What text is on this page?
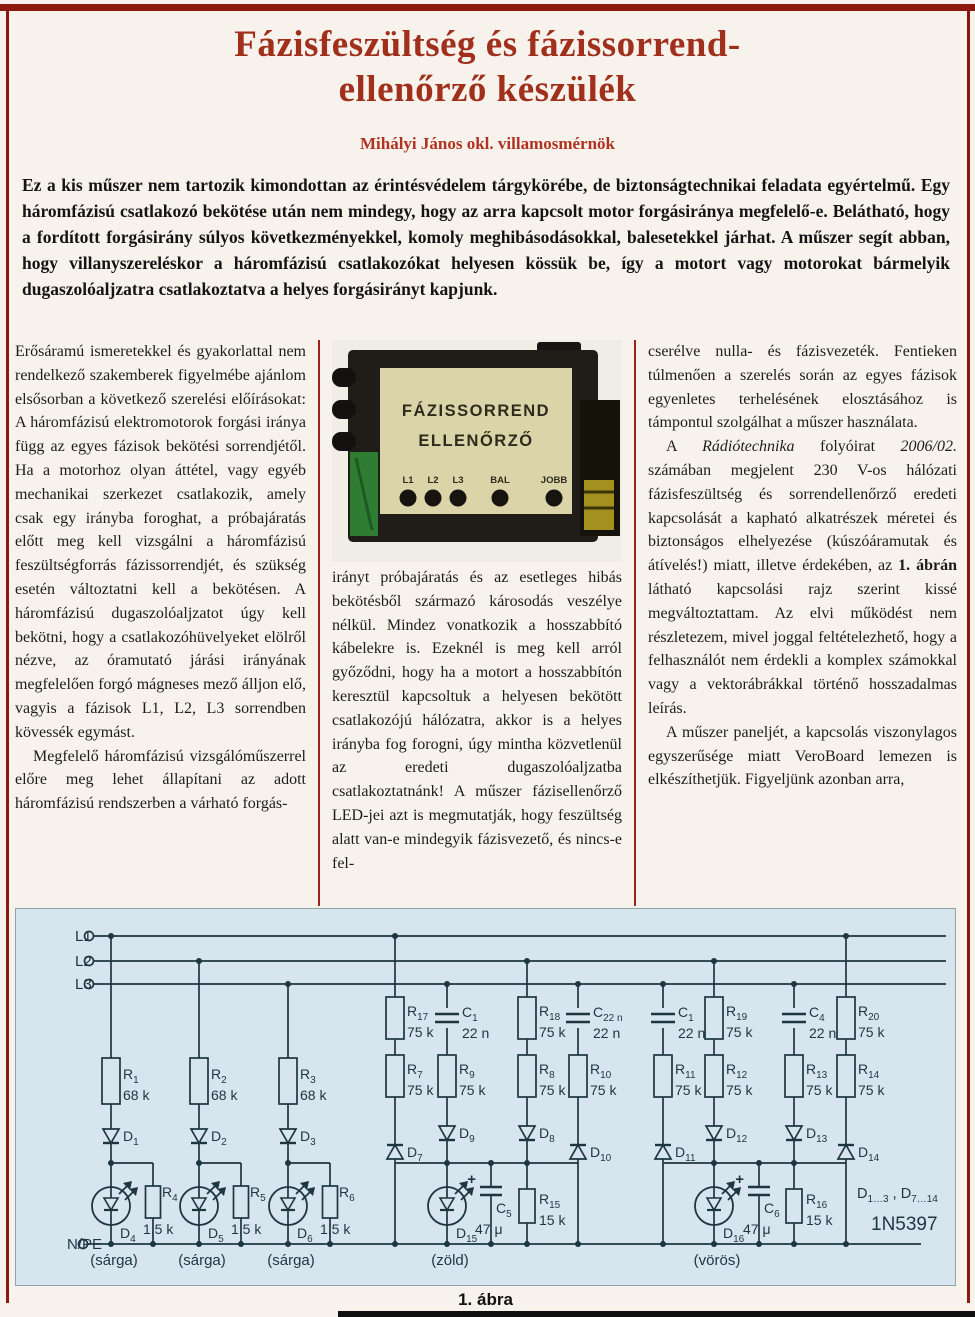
Fázisfeszültség és fázissorrend-
ellenőrző készülék
Mihályi János okl. villamosmérnök
Ez a kis műszer nem tartozik kimondottan az érintésvédelem tárgykörébe, de biztonságtechnikai feladata egyértelmű. Egy háromfázisú csatlakozó bekötése után nem mindegy, hogy az arra kapcsolt motor forgásiránya megfelelő-e. Belátható, hogy a fordított forgásirány súlyos következményekkel, komoly meghibásodásokkal, balesetekkel járhat. A műszer segít abban, hogy villanyszereléskor a háromfázisú csatlakozókat helyesen kössük be, így a motort vagy motorokat bármelyik dugaszolóaljzatra csatlakoztatva a helyes forgásirányt kapjunk.

Erősáramú ismeretekkel és gyakorlattal nem rendelkező szakemberek figyelmébe ajánlom elsősorban a következő szerelési előírásokat: A háromfázisú elektromotorok forgási iránya függ az egyes fázisok bekötési sorrendjétől. Ha a motorhoz olyan áttétel, vagy egyéb mechanikai szerkezet csatlakozik, amely csak egy irányba foroghat, a próbajáratás előtt meg kell vizsgálni a háromfázisú feszültségforrás fázissorrendjét, és szükség esetén változtatni kell a bekötésen. A háromfázisú dugaszolóaljzatot úgy kell bekötni, hogy a csatlakozóhüvelyeket elölről nézve, az óramutató járási irányának megfelelően forgó mágneses mező álljon elő, vagyis a fázisok L1, L2, L3 sorrendben kövessék egymást.

Megfelelő háromfázisú vizsgálóműszerrel előre meg lehet állapítani az adott háromfázisú rendszerben a várható forgás-

FÁZISSORREND
ELLENŐRZŐ
L1 L2 L3	BAL	JOBB

irányt próbajáratás és az esetleges hibás bekötésből származó károsodás veszélye nélkül. Mindez vonatkozik a hosszabbító kábelekre is. Ezeknél is meg kell arról győződni, hogy ha a motort a hosszabbítón keresztül kapcsoltuk a helyesen bekötött csatlakozójú hálózatra, akkor is a helyes irányba fog forogni, úgy mintha közvetlenül az eredeti dugaszolóaljzatba csatlakoztatnánk! A műszer fázisellenőrző LED-jei azt is megmutatják, hogy feszültség alatt van-e mindegyik fázisvezető, és nincs-e fel-

cserélve nulla- és fázisvezeték. Fentieken túlmenően a szerelés során az egyes fázisok egyenletes terhelésének elosztásához is támpontul szolgálhat a műszer használata.

A Rádiótechnika folyóirat 2006/02. számában megjelent 230 V-os hálózati fázisfeszültség és sorrendellenőrző eredeti kapcsolását a kapható alkatrészek méretei és biztonságos elhelyezése (kúszóáramutak és átívelés!) miatt, illetve érdekében, az 1. ábrán látható kapcsolási rajz szerint kissé megváltoztattam. Az elvi működést nem részletezem, mivel joggal feltételezhető, hogy a felhasználót nem érdekli a komplex számokkal vagy a vektorábrákkal történő hosszadalmas leírás.

A műszer paneljét, a kapcsolás viszonylagos egyszerűsége miatt VeroBoard lemezen is elkészíthetjük. Figyeljünk azonban arra,

L1
L2
L3
N/PE
$R_1$
68 k
$R_2$
68 k
$R_3$
68 k
$R_{17}$
75 k
$R_{18}$
75 k
$R_{19}$
75 k
$R_{20}$
75 k
$R_7$
75 k
$R_9$
75 k
$R_8$
75 k
$R_{10}$
75 k
$R_{11}$
75 k
$R_{12}$
75 k
$R_{13}$
75 k
$R_{14}$
75 k
$R_{15}$
15 k
$R_{16}$
15 k
$R_4$
1,5 k
$R_5$
1,5 k
$R_6$
1,5 k
$C_1$
22 n
$C_{22 n}$
22 n
$C_1$
22 n
$C_4$
22 n
+
$C_5$
47 μ
+
$C_6$
47 μ
$D_1$	$D_2$	$D_3$
$D_9$	$D_8$
$D_7$	$D_{10}$
$D_{12}$	$D_{13}$
$D_{11}$	$D_{14}$
$D_4$
(sárga)
$D_5$
(sárga)
$D_6$
(sárga)
$D_{15}$
(zöld)
$D_{16}$
(vörös)
$D_{1\dots 3}$ , $D_{7\dots 14}$
1N5397
1. ábra
